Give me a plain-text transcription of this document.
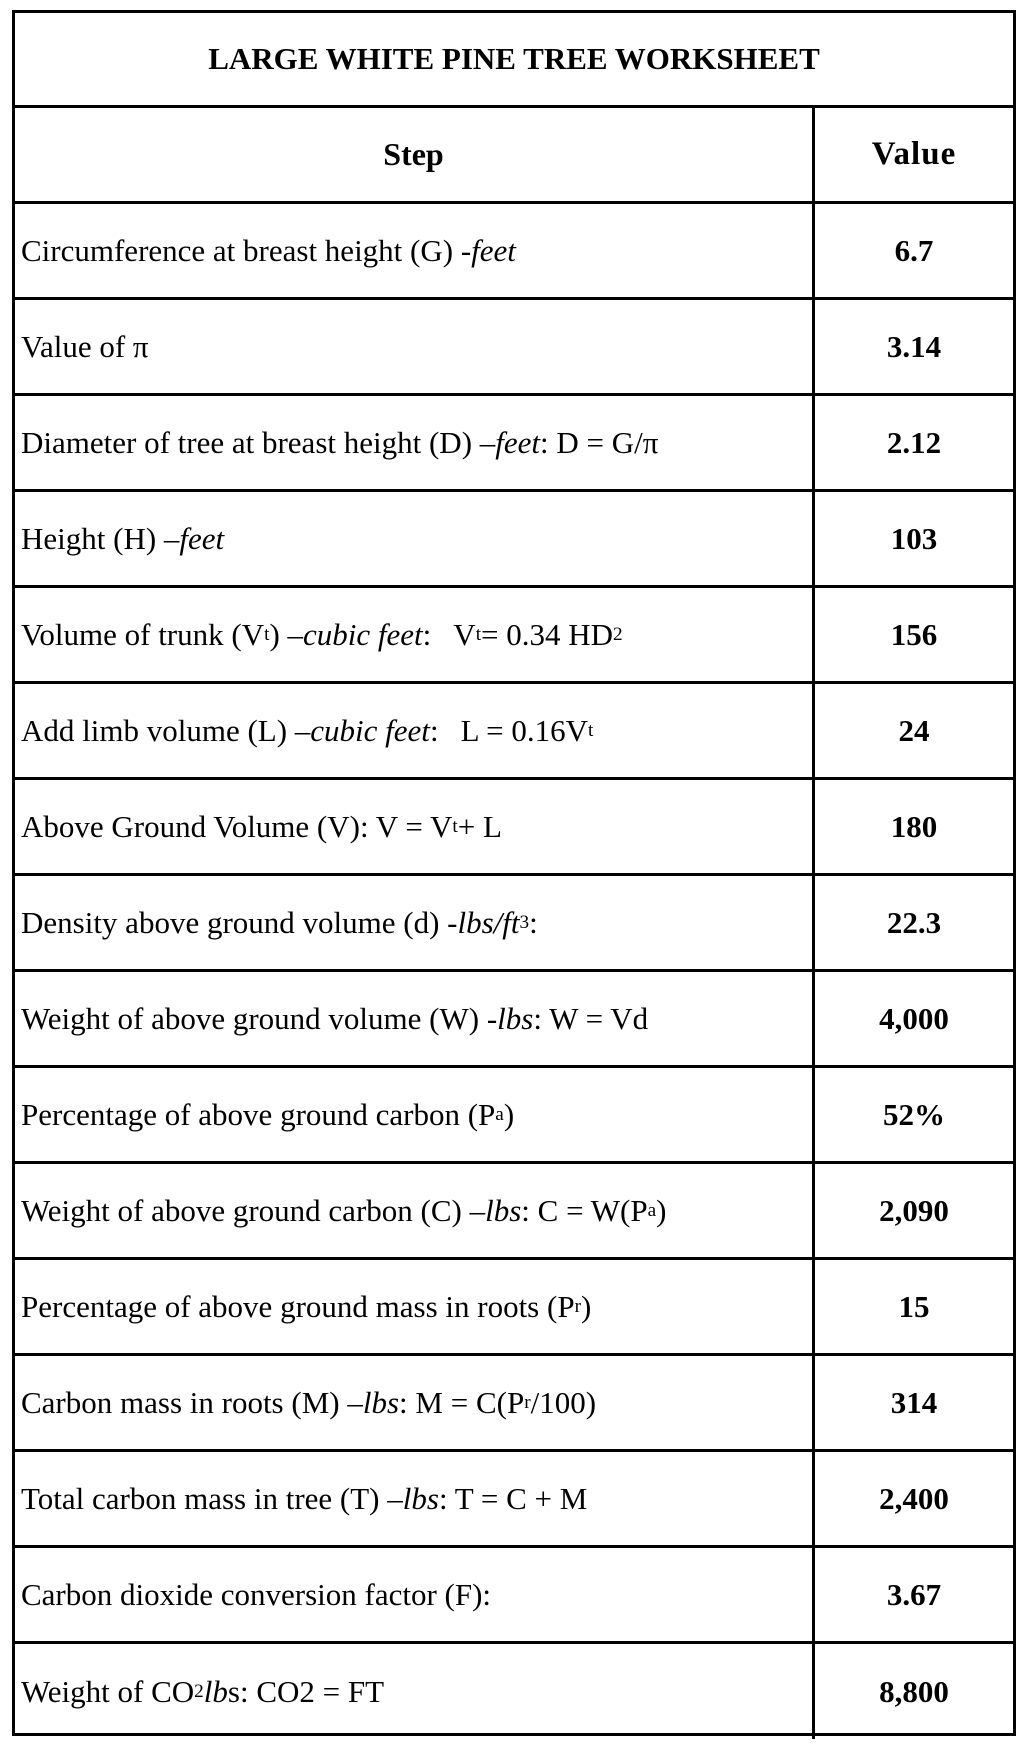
LARGE WHITE PINE TREE WORKSHEET
Step	Value
Circumference at breast height (G) - feet	6.7
Value of π	3.14
Diameter of tree at breast height (D) – feet : D = G/π	2.12
Height (H) – feet	103
Volume of trunk (V t ) – cubic feet : V t = 0.34 HD 2	156
Add limb volume (L) – cubic feet : L = 0.16V t	24
Above Ground Volume (V): V = V t + L	180
Density above ground volume (d) - lbs/ft 3 :	22.3
Weight of above ground volume (W) - lbs : W = Vd	4,000
Percentage of above ground carbon (P a )	52%
Weight of above ground carbon (C) – lbs : C = W(P a )	2,090
Percentage of above ground mass in roots (P r )	15
Carbon mass in roots (M) – lbs : M = C(P r /100)	314
Total carbon mass in tree (T) – lbs : T = C + M	2,400
Carbon dioxide conversion factor (F):	3.67
Weight of CO 2 lb s: CO2 = FT	8,800
